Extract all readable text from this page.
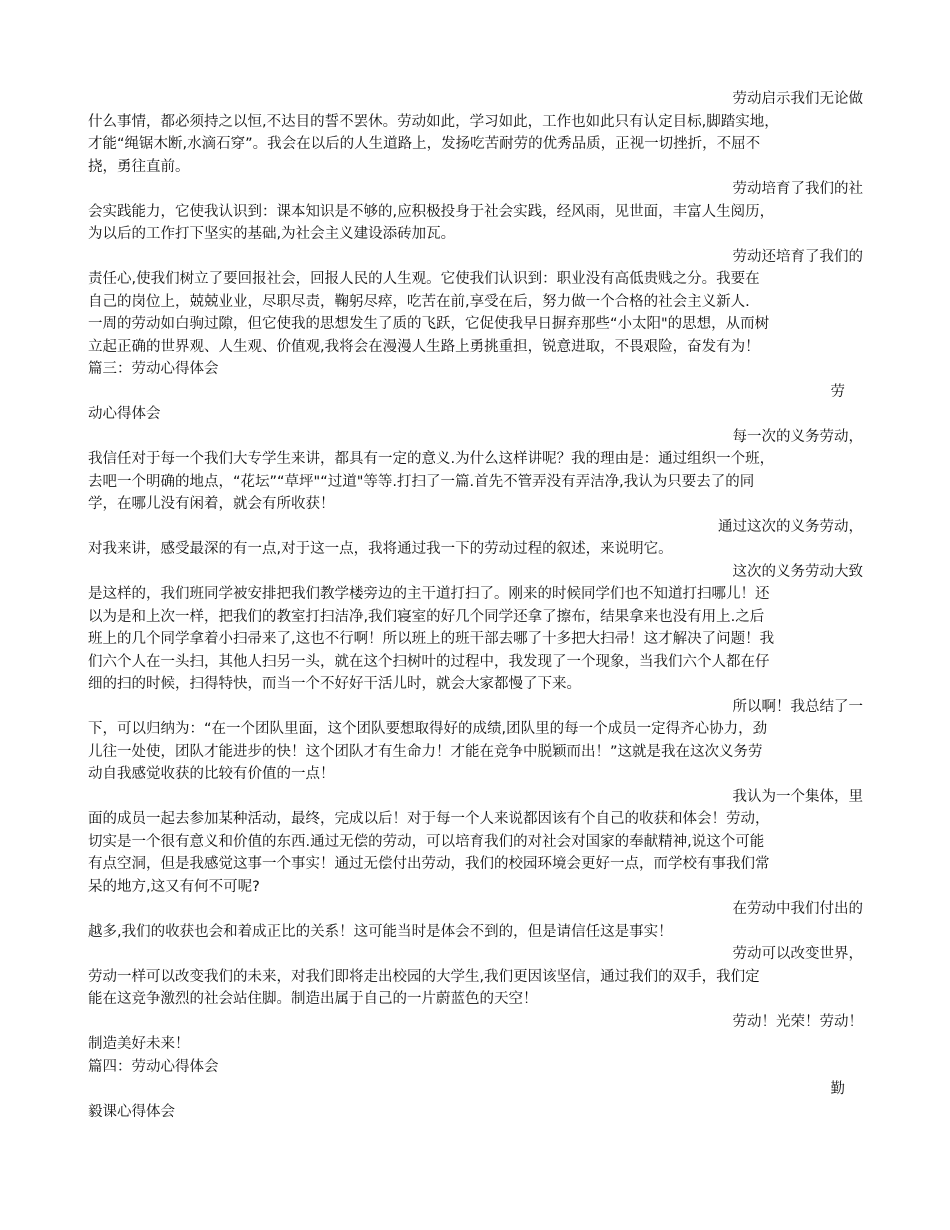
劳动启示我们无论做
什么事情，都必须持之以恒,不达目的誓不罢休。劳动如此，学习如此，工作也如此只有认定目标,脚踏实地，
才能“绳锯木断,水滴石穿”。我会在以后的人生道路上，发扬吃苦耐劳的优秀品质，正视一切挫折，不屈不
挠，勇往直前。
劳动培育了我们的社
会实践能力，它使我认识到：课本知识是不够的,应积极投身于社会实践，经风雨，见世面，丰富人生阅历，
为以后的工作打下坚实的基础,为社会主义建设添砖加瓦。
劳动还培育了我们的
责任心,使我们树立了要回报社会，回报人民的人生观。它使我们认识到：职业没有高低贵贱之分。我要在
自己的岗位上，兢兢业业，尽职尽责，鞠躬尽瘁，吃苦在前,享受在后，努力做一个合格的社会主义新人.
一周的劳动如白驹过隙，但它使我的思想发生了质的飞跃，它促使我早日摒弃那些“小太阳"的思想，从而树
立起正确的世界观、人生观、价值观,我将会在漫漫人生路上勇挑重担，锐意进取，不畏艰险，奋发有为！
篇三：劳动心得体会
劳
动心得体会
每一次的义务劳动，
我信任对于每一个我们大专学生来讲，都具有一定的意义.为什么这样讲呢？我的理由是：通过组织一个班，
去吧一个明确的地点，“花坛”“草坪"“过道"等等.打扫了一篇.首先不管弄没有弄洁净,我认为只要去了的同
学，在哪儿没有闲着，就会有所收获！
通过这次的义务劳动，
对我来讲，感受最深的有一点,对于这一点，我将通过我一下的劳动过程的叙述，来说明它。
这次的义务劳动大致
是这样的，我们班同学被安排把我们教学楼旁边的主干道打扫了。刚来的时候同学们也不知道打扫哪儿！还
以为是和上次一样，把我们的教室打扫洁净,我们寝室的好几个同学还拿了擦布，结果拿来也没有用上.之后
班上的几个同学拿着小扫帚来了,这也不行啊！所以班上的班干部去哪了十多把大扫帚！这才解决了问题！我
们六个人在一头扫，其他人扫另一头，就在这个扫树叶的过程中，我发现了一个现象，当我们六个人都在仔
细的扫的时候，扫得特快，而当一个不好好干活儿时，就会大家都慢了下来。
所以啊！我总结了一
下，可以归纳为：“在一个团队里面，这个团队要想取得好的成绩,团队里的每一个成员一定得齐心协力，劲
儿往一处使，团队才能进步的快！这个团队才有生命力！才能在竞争中脱颖而出！”这就是我在这次义务劳
动自我感觉收获的比较有价值的一点！
我认为一个集体，里
面的成员一起去参加某种活动，最终，完成以后！对于每一个人来说都因该有个自己的收获和体会！劳动，
切实是一个很有意义和价值的东西.通过无偿的劳动，可以培育我们的对社会对国家的奉献精神,说这个可能
有点空洞，但是我感觉这事一个事实！通过无偿付出劳动，我们的校园环境会更好一点，而学校有事我们常
呆的地方,这又有何不可呢?
在劳动中我们付出的
越多,我们的收获也会和着成正比的关系！这可能当时是体会不到的，但是请信任这是事实！
劳动可以改变世界，
劳动一样可以改变我们的未来，对我们即将走出校园的大学生,我们更因该坚信，通过我们的双手，我们定
能在这竞争激烈的社会站住脚。制造出属于自己的一片蔚蓝色的天空！
劳动！光荣！劳动！
制造美好未来！
篇四：劳动心得体会
勤
毅课心得体会
